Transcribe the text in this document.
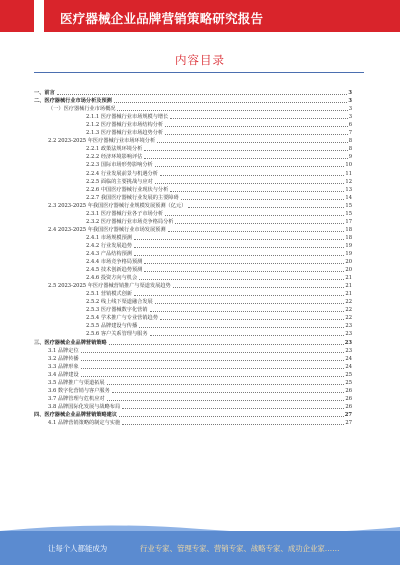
医疗器械企业品牌营销策略研究报告
内容目录
一、前言	3
二、医疗器械行业市场分析及预测	3
（一）医疗器械行业市场概况	3
2.1.1 医疗器械行业市场规模与增长	3
2.1.2 医疗器械行业市场结构分析	6
2.1.3 医疗器械行业市场趋势分析	7
2.2 2023-2025 年医疗器械行业市场环境分析	8
2.2.1 政策法规环境分析	8
2.2.2 经济环境影响评估	9
2.2.3 国际市场形势影响分析	10
2.2.4 行业发展前景与机遇分析	11
2.2.5 面临的主要挑战与应对	12
2.2.6 中国医疗器械行业现状与分析	13
2.2.7 我国医疗器械行业发展的主要障碍	14
2.3 2023-2025 年我国医疗器械行业规模发展预测（亿元）	15
2.3.1 医疗器械行业各子市场分析	15
2.3.2 医疗器械行业市场竞争格局分析	17
2.4 2023-2025 年我国医疗器械行业市场发展预测	18
2.4.1 市场规模预测	18
2.4.2 行业发展趋势	19
2.4.3 产品结构预测	19
2.4.4 市场竞争格局预测	20
2.4.5 技术创新趋势预测	20
2.4.6 投资方向与机会	21
2.5 2023-2025 年医疗器械营销推广与渠道发展趋势	21
2.5.1 营销模式创新	21
2.5.2 线上线下渠道融合发展	22
2.5.3 医疗器械数字化营销	22
2.5.4 学术推广与专业营销趋势	22
2.5.5 品牌建设与传播	23
2.5.6 客户关系管理与服务	23
三、医疗器械企业品牌营销策略	23
3.1 品牌定位	23
3.2 品牌传播	24
3.3 品牌形象	24
3.4 品牌建设	25
3.5 品牌推广与渠道拓展	25
3.6 数字化营销与客户服务	26
3.7 品牌管理与危机应对	26
3.8 品牌国际化发展与战略布局	26
四、医疗器械企业品牌营销策略建议	27
4.1 品牌营销策略的制定与实施	27
让每个人都能成为	行业专家、管理专家、营销专家、战略专家、成功企业家……
